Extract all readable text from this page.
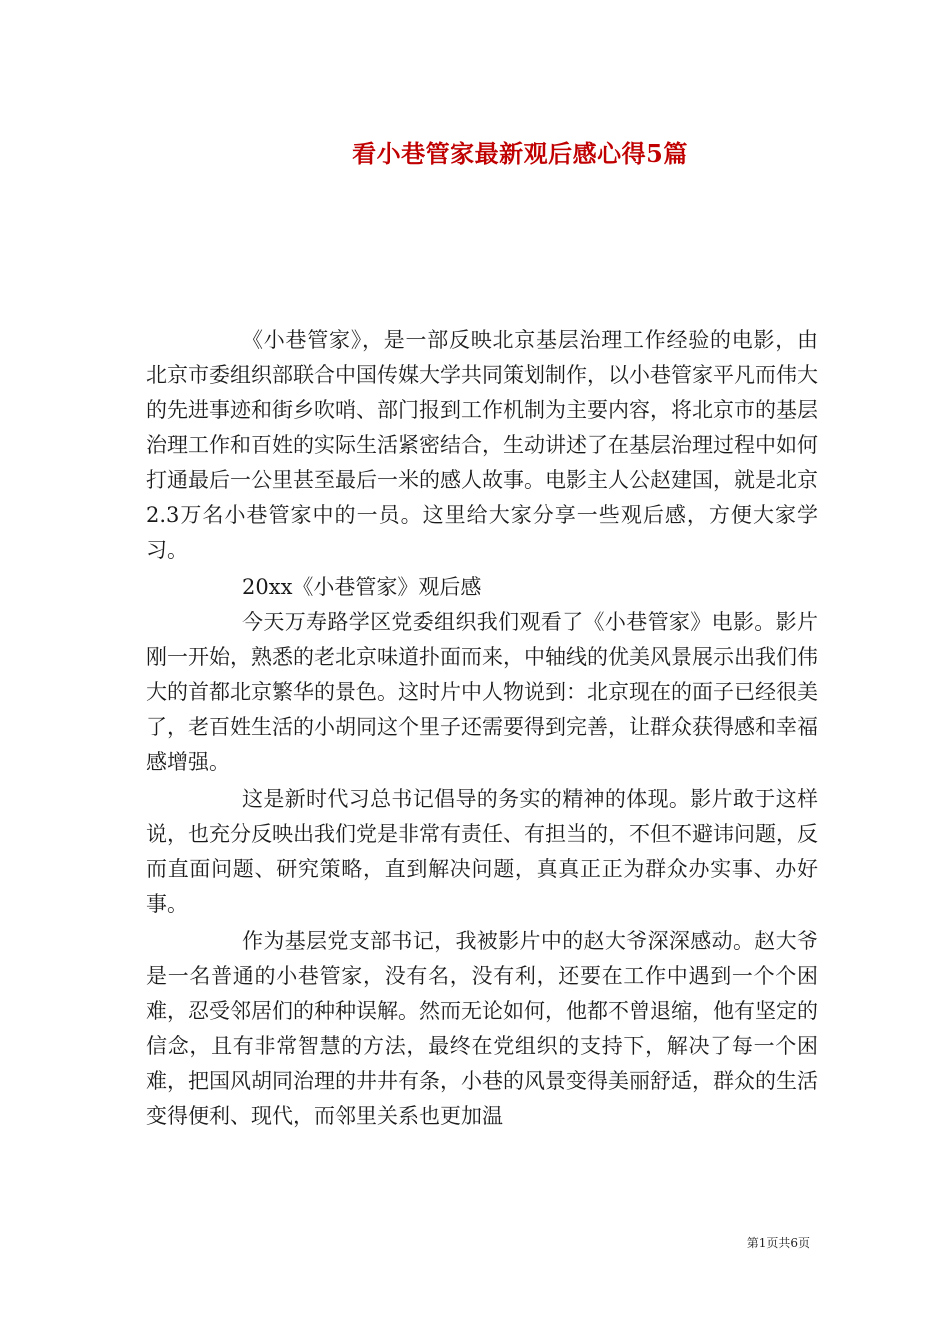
看小巷管家最新观后感心得5篇

《小巷管家》，是一部反映北京基层治理工作经验的电影，由北京市委组织部联合中国传媒大学共同策划制作，以小巷管家平凡而伟大的先进事迹和街乡吹哨、部门报到工作机制为主要内容，将北京市的基层治理工作和百姓的实际生活紧密结合，生动讲述了在基层治理过程中如何打通最后一公里甚至最后一米的感人故事。电影主人公赵建国，就是北京2.3万名小巷管家中的一员。这里给大家分享一些观后感，方便大家学习。

20xx《小巷管家》观后感

今天万寿路学区党委组织我们观看了《小巷管家》电影。影片刚一开始，熟悉的老北京味道扑面而来，中轴线的优美风景展示出我们伟大的首都北京繁华的景色。这时片中人物说到：北京现在的面子已经很美了，老百姓生活的小胡同这个里子还需要得到完善，让群众获得感和幸福感增强。

这是新时代习总书记倡导的务实的精神的体现。影片敢于这样说，也充分反映出我们党是非常有责任、有担当的，不但不避讳问题，反而直面问题、研究策略，直到解决问题，真真正正为群众办实事、办好事。

作为基层党支部书记，我被影片中的赵大爷深深感动。赵大爷是一名普通的小巷管家，没有名，没有利，还要在工作中遇到一个个困难，忍受邻居们的种种误解。然而无论如何，他都不曾退缩，他有坚定的信念，且有非常智慧的方法，最终在党组织的支持下，解决了每一个困难，把国风胡同治理的井井有条，小巷的风景变得美丽舒适，群众的生活变得便利、现代，而邻里关系也更加温

第1页共6页
